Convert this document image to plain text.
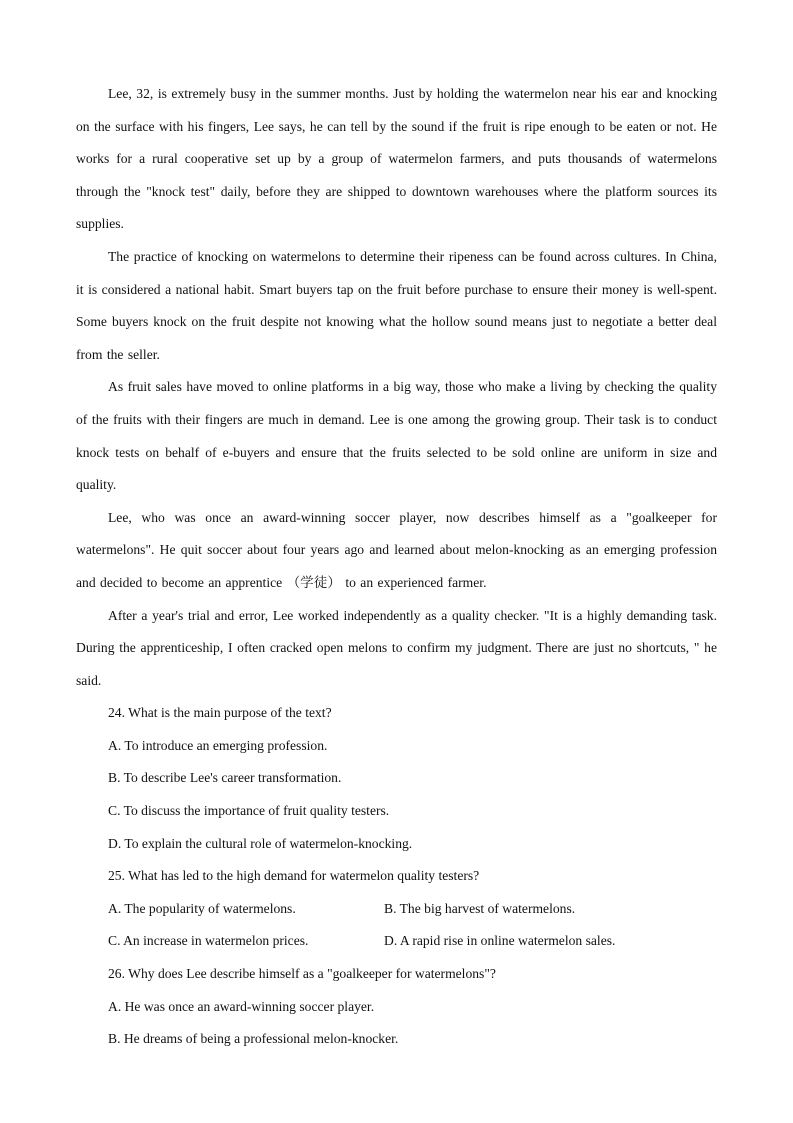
Lee, 32, is extremely busy in the summer months. Just by holding the watermelon near his ear and knocking on the surface with his fingers, Lee says, he can tell by the sound if the fruit is ripe enough to be eaten or not. He works for a rural cooperative set up by a group of watermelon farmers, and puts thousands of watermelons through the "knock test" daily, before they are shipped to downtown warehouses where the platform sources its supplies.

The practice of knocking on watermelons to determine their ripeness can be found across cultures. In China, it is considered a national habit. Smart buyers tap on the fruit before purchase to ensure their money is well-spent. Some buyers knock on the fruit despite not knowing what the hollow sound means just to negotiate a better deal from the seller.

As fruit sales have moved to online platforms in a big way, those who make a living by checking the quality of the fruits with their fingers are much in demand. Lee is one among the growing group. Their task is to conduct knock tests on behalf of e-buyers and ensure that the fruits selected to be sold online are uniform in size and quality.

Lee, who was once an award-winning soccer player, now describes himself as a "goalkeeper for watermelons". He quit soccer about four years ago and learned about melon-knocking as an emerging profession and decided to become an apprentice （学徒） to an experienced farmer.

After a year's trial and error, Lee worked independently as a quality checker. "It is a highly demanding task. During the apprenticeship, I often cracked open melons to confirm my judgment. There are just no shortcuts, " he said.

24. What is the main purpose of the text?

A. To introduce an emerging profession.

B. To describe Lee's career transformation.

C. To discuss the importance of fruit quality testers.

D. To explain the cultural role of watermelon-knocking.

25. What has led to the high demand for watermelon quality testers?

A. The popularity of watermelons.	B. The big harvest of watermelons.
C. An increase in watermelon prices.	D. A rapid rise in online watermelon sales.

26. Why does Lee describe himself as a "goalkeeper for watermelons"?

A. He was once an award-winning soccer player.

B. He dreams of being a professional melon-knocker.
